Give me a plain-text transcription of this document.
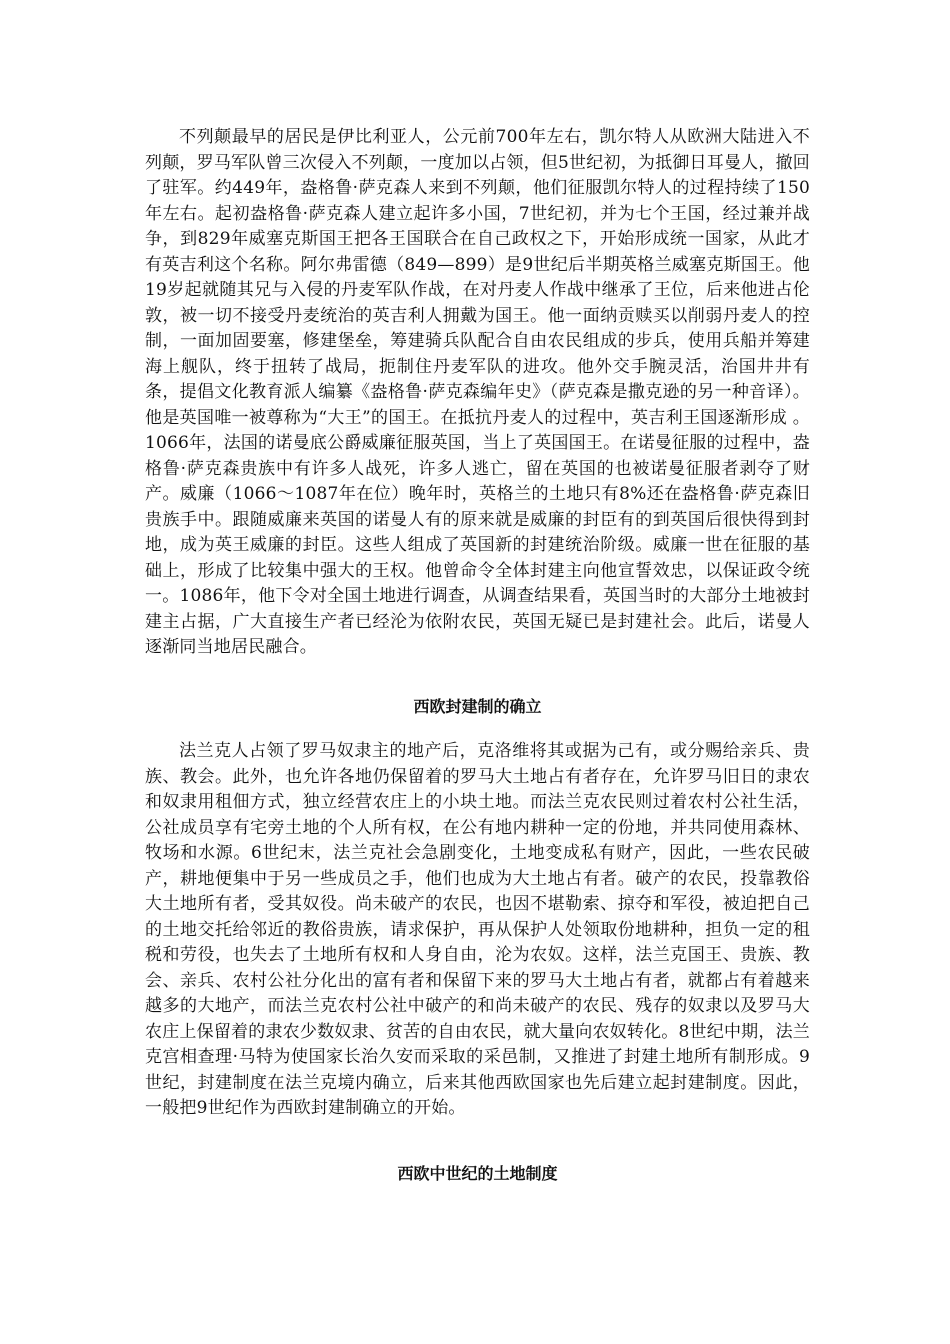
不列颠最早的居民是伊比利亚人，公元前700年左右，凯尔特人从欧洲大陆进入不列颠，罗马军队曾三次侵入不列颠，一度加以占领，但5世纪初，为抵御日耳曼人，撤回了驻军。约449年，盎格鲁·萨克森人来到不列颠，他们征服凯尔特人的过程持续了150年左右。起初盎格鲁·萨克森人建立起许多小国，7世纪初，并为七个王国，经过兼并战争，到829年威塞克斯国王把各王国联合在自己政权之下，开始形成统一国家，从此才有英吉利这个名称。阿尔弗雷德（849—899）是9世纪后半期英格兰威塞克斯国王。他19岁起就随其兄与入侵的丹麦军队作战，在对丹麦人作战中继承了王位，后来他进占伦敦，被一切不接受丹麦统治的英吉利人拥戴为国王。他一面纳贡赎买以削弱丹麦人的控制，一面加固要塞，修建堡垒，筹建骑兵队配合自由农民组成的步兵，使用兵船并筹建海上舰队，终于扭转了战局，扼制住丹麦军队的进攻。他外交手腕灵活，治国井井有条，提倡文化教育派人编纂《盎格鲁·萨克森编年史》（萨克森是撒克逊的另一种音译）。他是英国唯一被尊称为“大王”的国王。在抵抗丹麦人的过程中，英吉利王国逐渐形成 。1066年，法国的诺曼底公爵威廉征服英国，当上了英国国王。在诺曼征服的过程中，盎格鲁·萨克森贵族中有许多人战死，许多人逃亡，留在英国的也被诺曼征服者剥夺了财产。威廉（1066～1087年在位）晚年时，英格兰的土地只有8%还在盎格鲁·萨克森旧贵族手中。跟随威廉来英国的诺曼人有的原来就是威廉的封臣有的到英国后很快得到封地，成为英王威廉的封臣。这些人组成了英国新的封建统治阶级。威廉一世在征服的基础上，形成了比较集中强大的王权。他曾命令全体封建主向他宣誓效忠，以保证政令统一。1086年，他下令对全国土地进行调查，从调查结果看，英国当时的大部分土地被封建主占据，广大直接生产者已经沦为依附农民，英国无疑已是封建社会。此后，诺曼人逐渐同当地居民融合。

西欧封建制的确立

法兰克人占领了罗马奴隶主的地产后，克洛维将其或据为己有，或分赐给亲兵、贵族、教会。此外，也允许各地仍保留着的罗马大土地占有者存在，允许罗马旧日的隶农和奴隶用租佃方式，独立经营农庄上的小块土地。而法兰克农民则过着农村公社生活，公社成员享有宅旁土地的个人所有权，在公有地内耕种一定的份地，并共同使用森林、牧场和水源。6世纪末，法兰克社会急剧变化，土地变成私有财产，因此，一些农民破产，耕地便集中于另一些成员之手，他们也成为大土地占有者。破产的农民，投靠教俗大土地所有者，受其奴役。尚未破产的农民，也因不堪勒索、掠夺和军役，被迫把自己的土地交托给邻近的教俗贵族，请求保护，再从保护人处领取份地耕种，担负一定的租税和劳役，也失去了土地所有权和人身自由，沦为农奴。这样，法兰克国王、贵族、教会、亲兵、农村公社分化出的富有者和保留下来的罗马大土地占有者，就都占有着越来越多的大地产，而法兰克农村公社中破产的和尚未破产的农民、残存的奴隶以及罗马大农庄上保留着的隶农少数奴隶、贫苦的自由农民，就大量向农奴转化。8世纪中期，法兰克宫相查理·马特为使国家长治久安而采取的采邑制，又推进了封建土地所有制形成。9世纪，封建制度在法兰克境内确立，后来其他西欧国家也先后建立起封建制度。因此，一般把9世纪作为西欧封建制确立的开始。

西欧中世纪的土地制度
